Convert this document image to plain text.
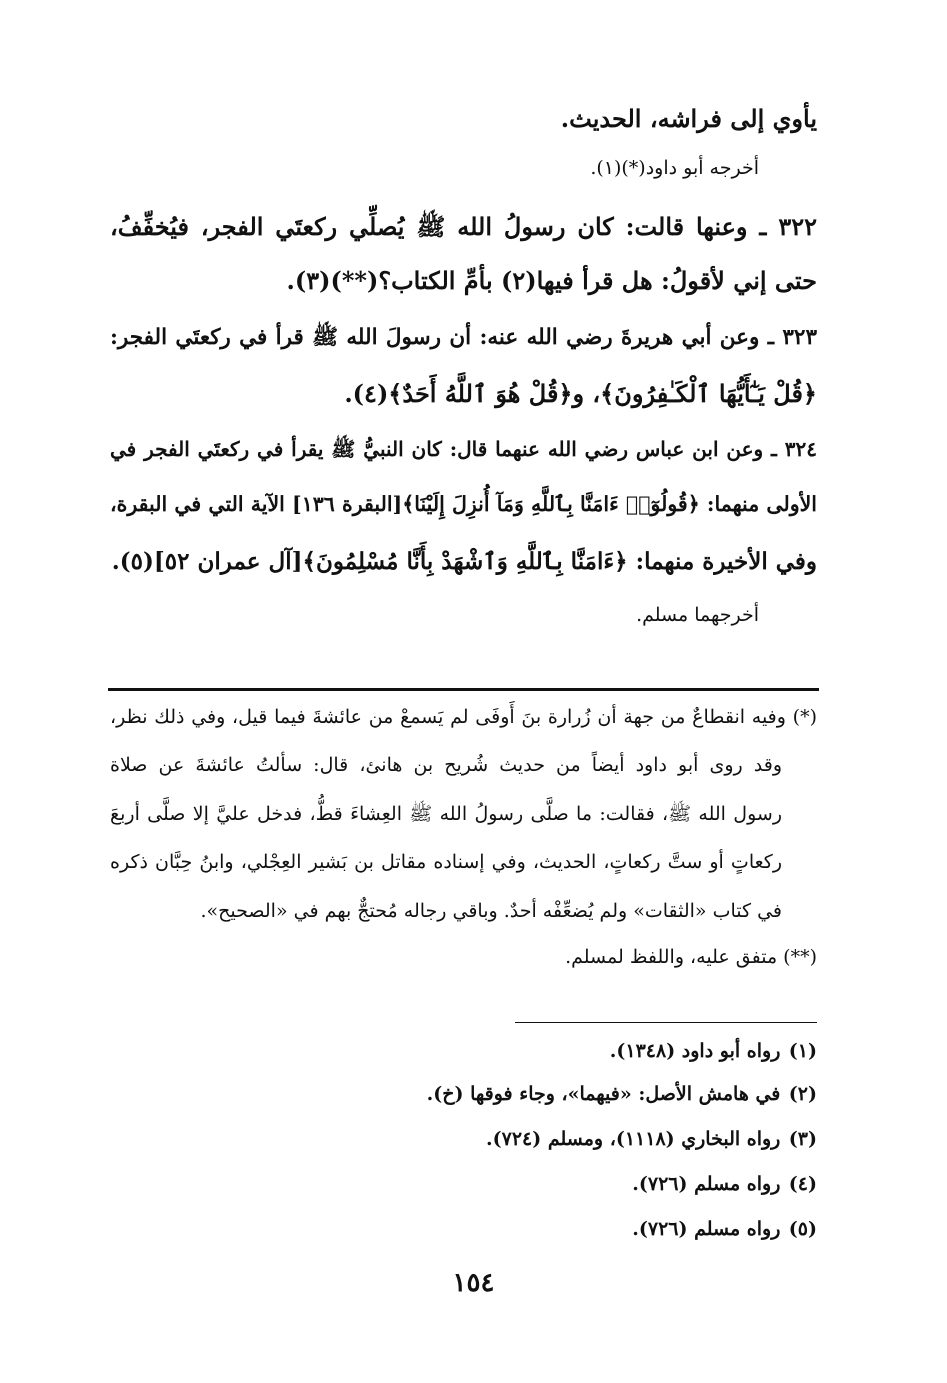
يأوي إلى فراشه، الحديث.
أخرجه أبو داود(*)(١).
٣٢٢ ـ وعنها قالت: كان رسولُ الله ﷺ يُصلِّي ركعتَي الفجر، فيُخفِّفُ،
حتى إني لأقولُ: هل قرأ فيها(٢) بأمِّ الكتاب؟(**)(٣).
٣٢٣ ـ وعن أبي هريرةَ رضي الله عنه: أن رسولَ الله ﷺ قرأ في ركعتَي الفجر:
﴿قُلْ يَـٰٓأَيُّهَا ٱلْكَـٰفِرُونَ﴾، و﴿قُلْ هُوَ ٱللَّهُ أَحَدٌ﴾(٤).
٣٢٤ ـ وعن ابن عباس رضي الله عنهما قال: كان النبيُّ ﷺ يقرأ في ركعتَي الفجر في
الأولى منهما: ﴿قُولُوٓا۟ ءَامَنَّا بِٱللَّهِ وَمَآ أُنزِلَ إِلَيْنَا﴾[البقرة ١٣٦] الآية التي في البقرة،
وفي الأخيرة منهما: ﴿ءَامَنَّا بِٱللَّهِ وَٱشْهَدْ بِأَنَّا مُسْلِمُونَ﴾[آل عمران ٥٢](٥).
أخرجهما مسلم.
(*) وفيه انقطاعٌ من جهة أن زُرارة بنَ أَوفَى لم يَسمعْ من عائشةَ فيما قيل، وفي ذلك نظر،
وقد روى أبو داود أيضاً من حديث شُريح بن هانئ، قال: سألتُ عائشةَ عن صلاة
رسول الله ﷺ، فقالت: ما صلَّى رسولُ الله ﷺ العِشاءَ قطُّ، فدخل عليَّ إلا صلَّى أربعَ
ركعاتٍ أو ستَّ ركعاتٍ، الحديث، وفي إسناده مقاتل بن بَشير العِجْلي، وابنُ حِبَّان ذكره
في كتاب «الثقات» ولم يُضعِّفْه أحدٌ. وباقي رجاله مُحتجٌّ بهم في «الصحيح».
(**) متفق عليه، واللفظ لمسلم.
(١) رواه أبو داود (١٣٤٨).
(٢) في هامش الأصل: «فيهما»، وجاء فوقها (خ).
(٣) رواه البخاري (١١١٨)، ومسلم (٧٢٤).
(٤) رواه مسلم (٧٢٦).
(٥) رواه مسلم (٧٢٦).
١٥٤
